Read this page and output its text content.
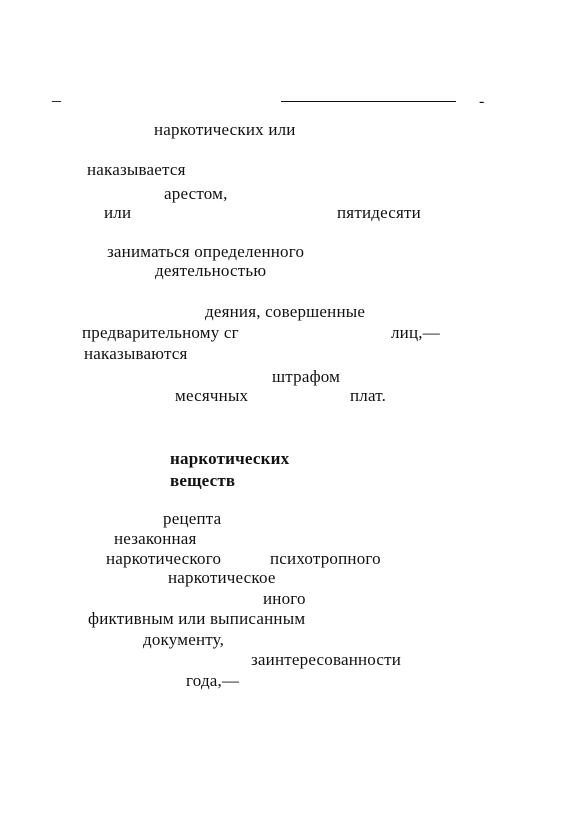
–	-
наркотических или
наказывается
арестом,
или	пятидесяти
заниматься определенного
деятельностью
деяния, совершенные
предварительному сг	лиц,—
наказываются
штрафом
месячных	плат.
наркотических
веществ
рецепта
незаконная
наркотического	психотропного
наркотическое
иного
фиктивным или выписанным
документу,
заинтересованности
года,—
